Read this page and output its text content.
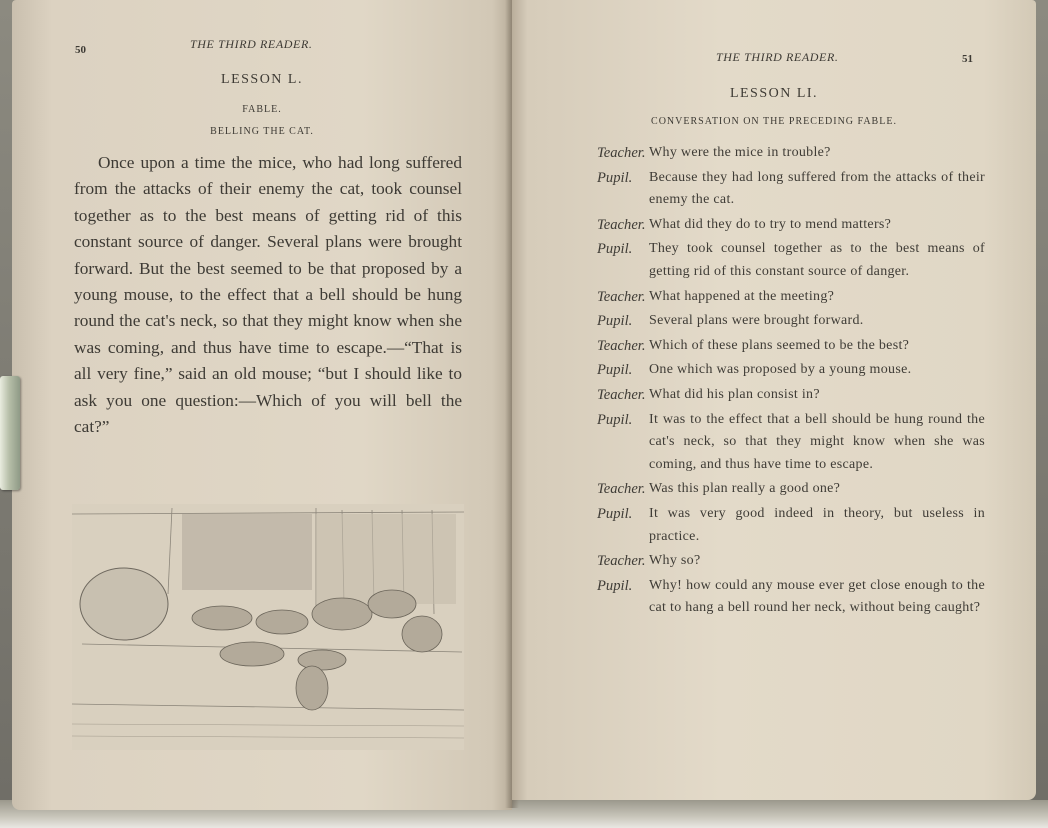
50	THE THIRD READER.
LESSON L.
FABLE.
BELLING THE CAT.

Once upon a time the mice, who had long suffered from the attacks of their enemy the cat, took counsel together as to the best means of getting rid of this constant source of danger. Several plans were brought forward. But the best seemed to be that proposed by a young mouse, to the effect that a bell should be hung round the cat's neck, so that they might know when she was coming, and thus have time to escape.—“That is all very fine,” said an old mouse; “but I should like to ask you one question:—Which of you will bell the cat?”

THE THIRD READER.	51
LESSON LI.
CONVERSATION ON THE PRECEDING FABLE.
Teacher. Why were the mice in trouble?
Pupil.	Because they had long suffered from the attacks of their enemy the cat.
Teacher. What did they do to try to mend matters?
Pupil.	They took counsel together as to the best means of getting rid of this constant source of danger.
Teacher. What happened at the meeting?
Pupil.	Several plans were brought forward.
Teacher. Which of these plans seemed to be the best?
Pupil.	One which was proposed by a young mouse.
Teacher. What did his plan consist in?
Pupil.	It was to the effect that a bell should be hung round the cat's neck, so that they might know when she was coming, and thus have time to escape.
Teacher. Was this plan really a good one?
Pupil.	It was very good indeed in theory, but useless in practice.
Teacher. Why so?
Pupil.	Why! how could any mouse ever get close enough to the cat to hang a bell round her neck, without being caught?
